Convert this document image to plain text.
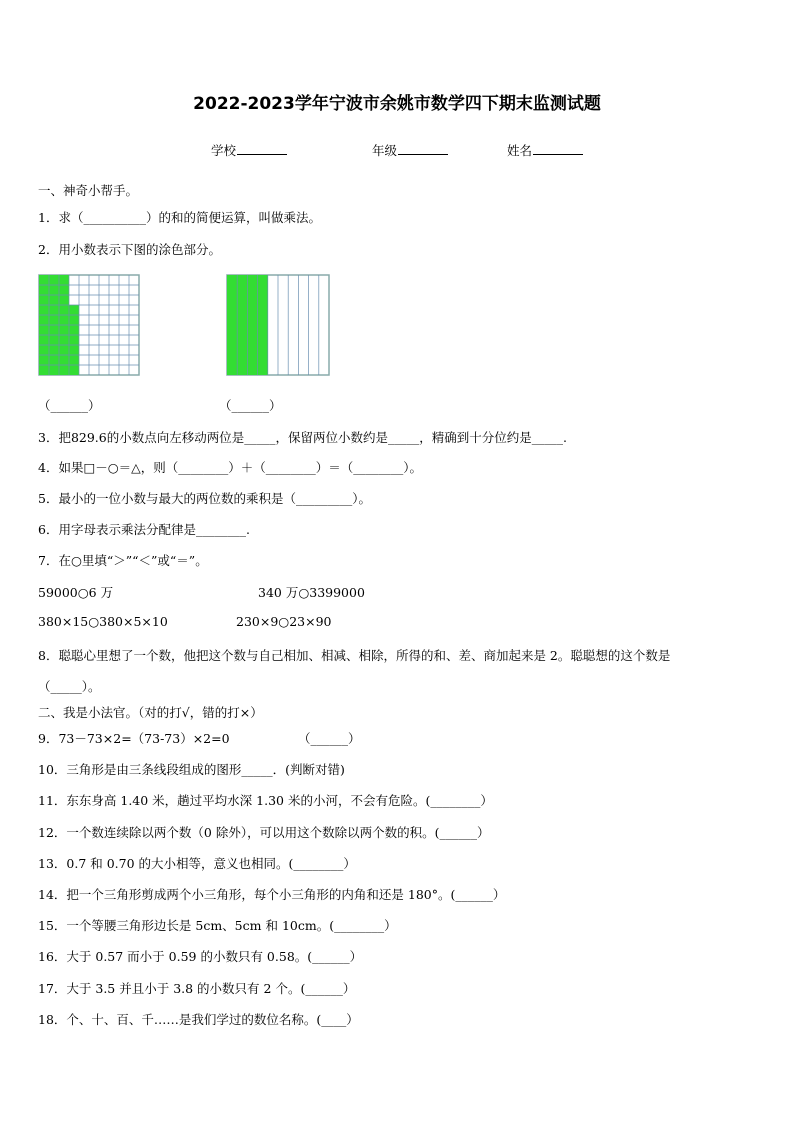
2022-2023学年宁波市余姚市数学四下期末监测试题
学校	年级	姓名
一、神奇小帮手。
1．求（__________）的和的简便运算，叫做乘法。
2．用小数表示下图的涂色部分。
（______）	（______）
3．把829.6的小数点向左移动两位是_____，保留两位小数约是_____，精确到十分位约是_____.
4．如果□－○＝△，则（________）＋（________）＝（________）。
5．最小的一位小数与最大的两位数的乘积是（_________）。
6．用字母表示乘法分配律是________.
7．在○里填“＞”“＜”或“＝”。
59000○6 万	340 万○3399000
380×15○380×5×10	230×9○23×90
8．聪聪心里想了一个数，他把这个数与自己相加、相减、相除，所得的和、差、商加起来是 2。聪聪想的这个数是
（_____）。
二、我是小法官。（对的打√，错的打×）
9．73－73×2=（73-73）×2=0	（______）
10．三角形是由三条线段组成的图形_____．(判断对错)
11．东东身高 1.40 米，趟过平均水深 1.30 米的小河，不会有危险。(________）
12．一个数连续除以两个数（0 除外），可以用这个数除以两个数的积。(______）
13．0.7 和 0.70 的大小相等，意义也相同。(________）
14．把一个三角形剪成两个小三角形，每个小三角形的内角和还是 180°。(______）
15．一个等腰三角形边长是 5cm、5cm 和 10cm。(________）
16．大于 0.57 而小于 0.59 的小数只有 0.58。(______）
17．大于 3.5 并且小于 3.8 的小数只有 2 个。(______）
18．个、十、百、千……是我们学过的数位名称。(____）
